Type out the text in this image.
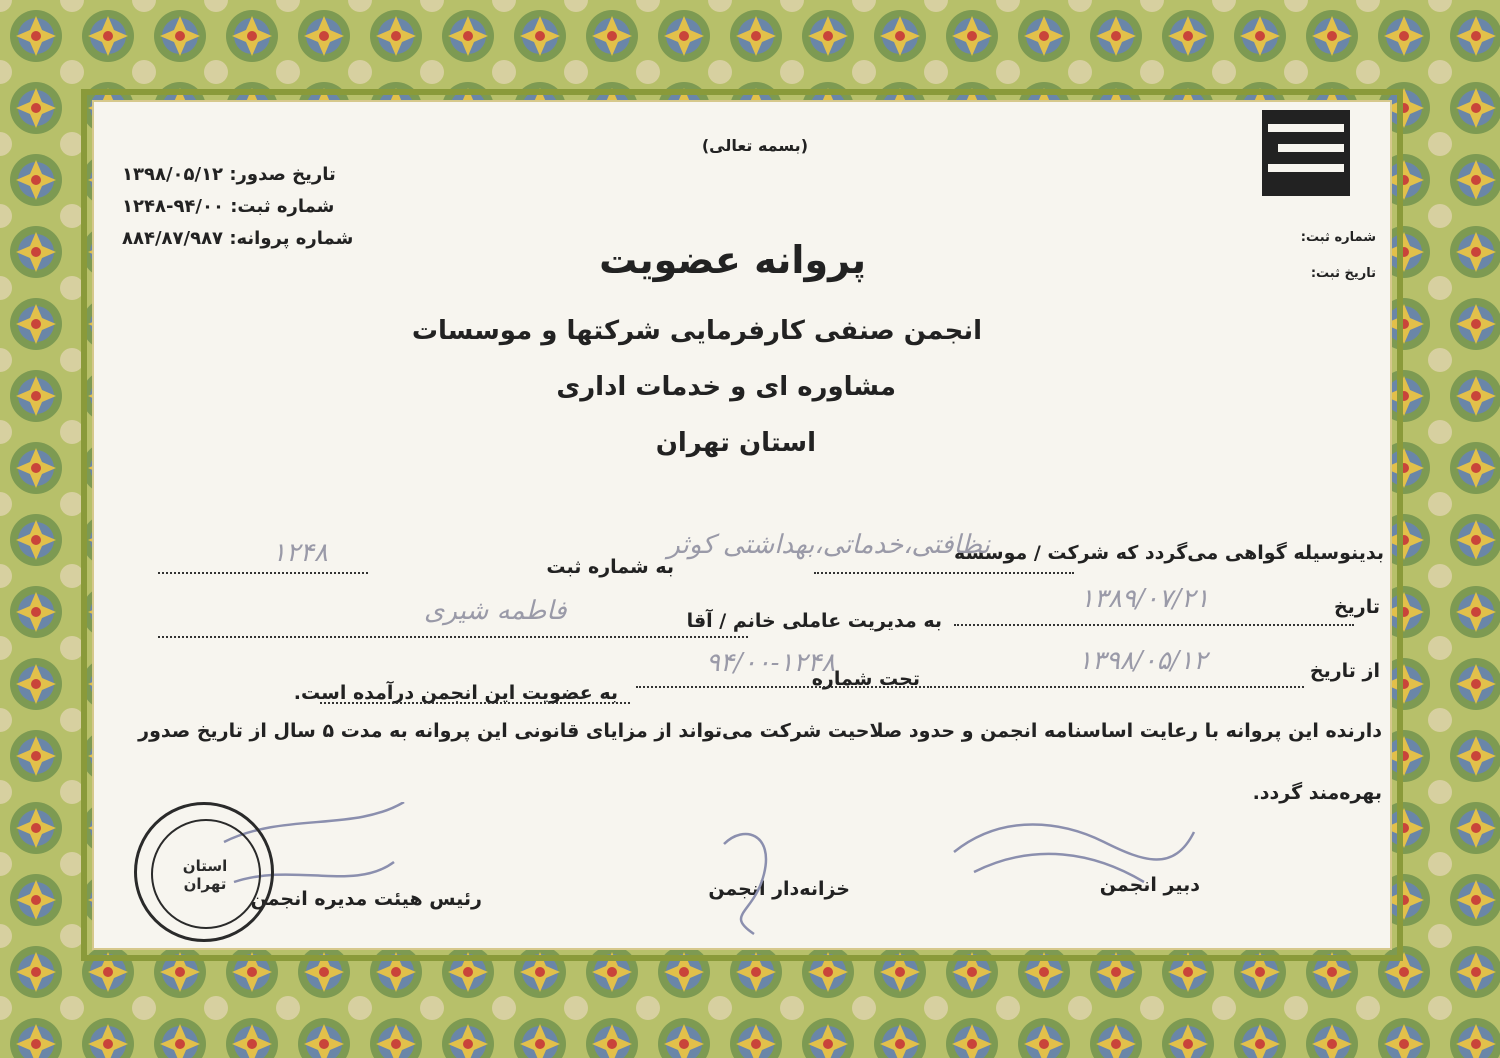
(بسمه تعالی)
تاریخ صدور: ۱۳۹۸/۰۵/۱۲
شماره ثبت: ۹۴/۰۰-۱۲۴۸
شماره پروانه: ۸۸۴/۸۷/۹۸۷	شماره ثبت:
تاریخ ثبت:
پروانه عضویت
انجمن صنفی کارفرمایی شرکتها و موسسات
مشاوره ای و خدمات اداری
استان تهران
بدینوسیله گواهی می‌گردد که شرکت / موسسه
نظافتی،خدماتی،بهداشتی کوثر
به شماره ثبت
۱۲۴۸
تاریخ
۱۳۸۹/۰۷/۲۱
به مدیریت عاملی خانم / آقا
فاطمه شیری
از تاریخ
۱۳۹۸/۰۵/۱۲
تحت شماره
۹۴/۰۰-۱۲۴۸
به عضویت این انجمن درآمده است.
دارنده این پروانه با رعایت اساسنامه انجمن و حدود صلاحیت شرکت می‌تواند از مزایای قانونی این پروانه به مدت ۵ سال از تاریخ صدور
بهره‌مند گردد.
دبیر انجمن
خزانه‌دار انجمن
رئیس هیئت مدیره انجمن
استان تهران
